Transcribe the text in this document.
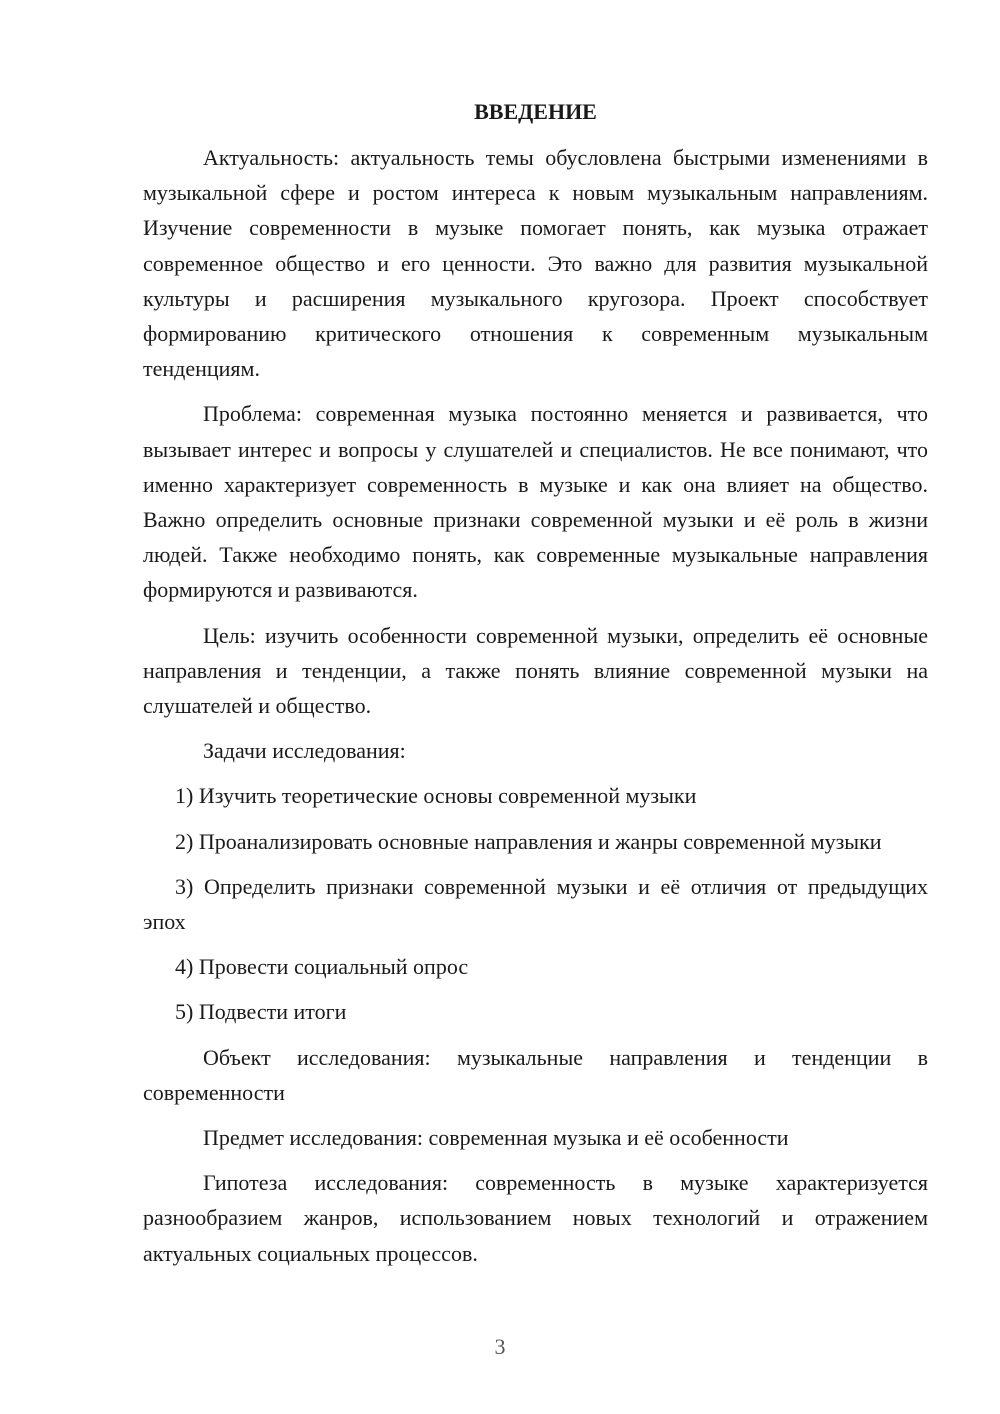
ВВЕДЕНИЕ

Актуальность: актуальность темы обусловлена быстрыми изменениями в музыкальной сфере и ростом интереса к новым музыкальным направлениям. Изучение современности в музыке помогает понять, как музыка отражает современное общество и его ценности. Это важно для развития музыкальной культуры и расширения музыкального кругозора. Проект способствует формированию критического отношения к современным музыкальным тенденциям.

Проблема: современная музыка постоянно меняется и развивается, что вызывает интерес и вопросы у слушателей и специалистов. Не все понимают, что именно характеризует современность в музыке и как она влияет на общество. Важно определить основные признаки современной музыки и её роль в жизни людей. Также необходимо понять, как современные музыкальные направления формируются и развиваются.

Цель: изучить особенности современной музыки, определить её основные направления и тенденции, а также понять влияние современной музыки на слушателей и общество.

Задачи исследования:

1) Изучить теоретические основы современной музыки

2) Проанализировать основные направления и жанры современной музыки

3) Определить признаки современной музыки и её отличия от предыдущих эпох

4) Провести социальный опрос

5) Подвести итоги

Объект исследования: музыкальные направления и тенденции в современности

Предмет исследования: современная музыка и её особенности

Гипотеза исследования: современность в музыке характеризуется разнообразием жанров, использованием новых технологий и отражением актуальных социальных процессов.

3
